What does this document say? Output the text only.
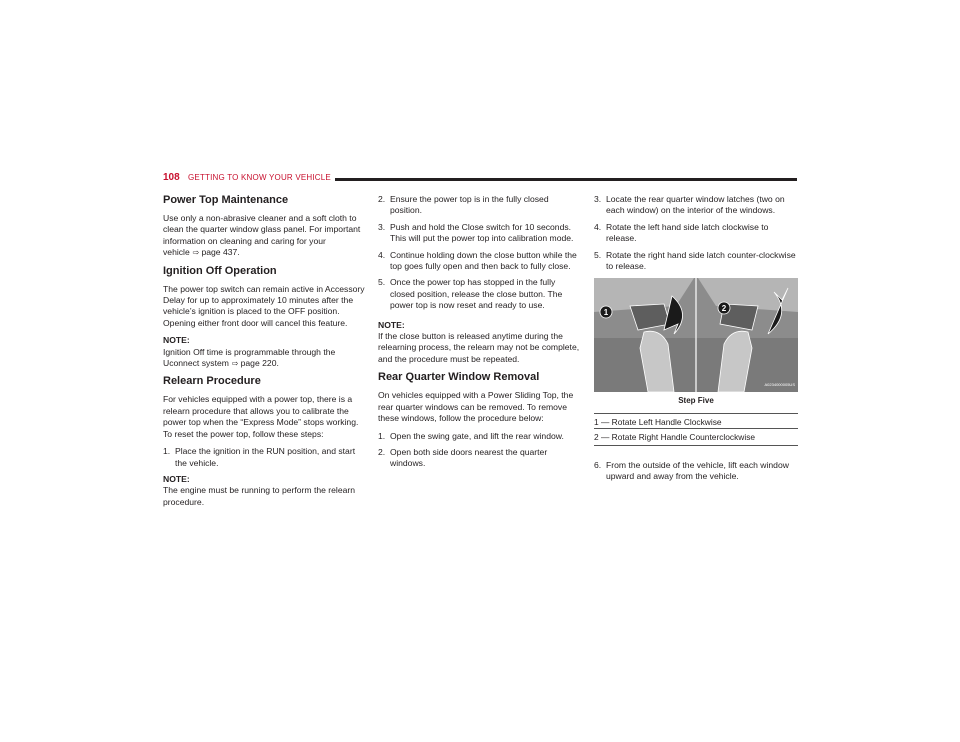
108 GETTING TO KNOW YOUR VEHICLE
Power Top Maintenance

Use only a non-abrasive cleaner and a soft cloth to clean the quarter window glass panel. For important information on cleaning and caring for your vehicle ⇨ page 437.

Ignition Off Operation

The power top switch can remain active in Accessory Delay for up to approximately 10 minutes after the vehicle’s ignition is placed to the OFF position. Opening either front door will cancel this feature.

NOTE:

Ignition Off time is programmable through the Uconnect system ⇨ page 220.

Relearn Procedure

For vehicles equipped with a power top, there is a relearn procedure that allows you to calibrate the power top when the “Express Mode” stops working. To reset the power top, follow these steps:

1. Place the ignition in the RUN position, and start the vehicle.
NOTE:

The engine must be running to perform the relearn procedure.

2. Ensure the power top is in the fully closed position.
3. Push and hold the Close switch for 10 seconds. This will put the power top into calibration mode.
4. Continue holding down the close button while the top goes fully open and then back to fully close.
5. Once the power top has stopped in the fully closed position, release the close button. The power top is now reset and ready to use.
NOTE:

If the close button is released anytime during the relearning process, the relearn may not be complete, and the procedure must be repeated.

Rear Quarter Window Removal

On vehicles equipped with a Power Sliding Top, the rear quarter windows can be removed. To remove these windows, follow the procedure below:

1. Open the swing gate, and lift the rear window.
2. Open both side doors nearest the quarter windows.
3. Locate the rear quarter window latches (two on each window) on the interior of the windows.
4. Rotate the left hand side latch clockwise to release.
5. Rotate the right hand side latch counter-clockwise to release.
1	2
A0234000005US
Step Five
1 — Rotate Left Handle Clockwise
2 — Rotate Right Handle Counterclockwise
6. From the outside of the vehicle, lift each window upward and away from the vehicle.
